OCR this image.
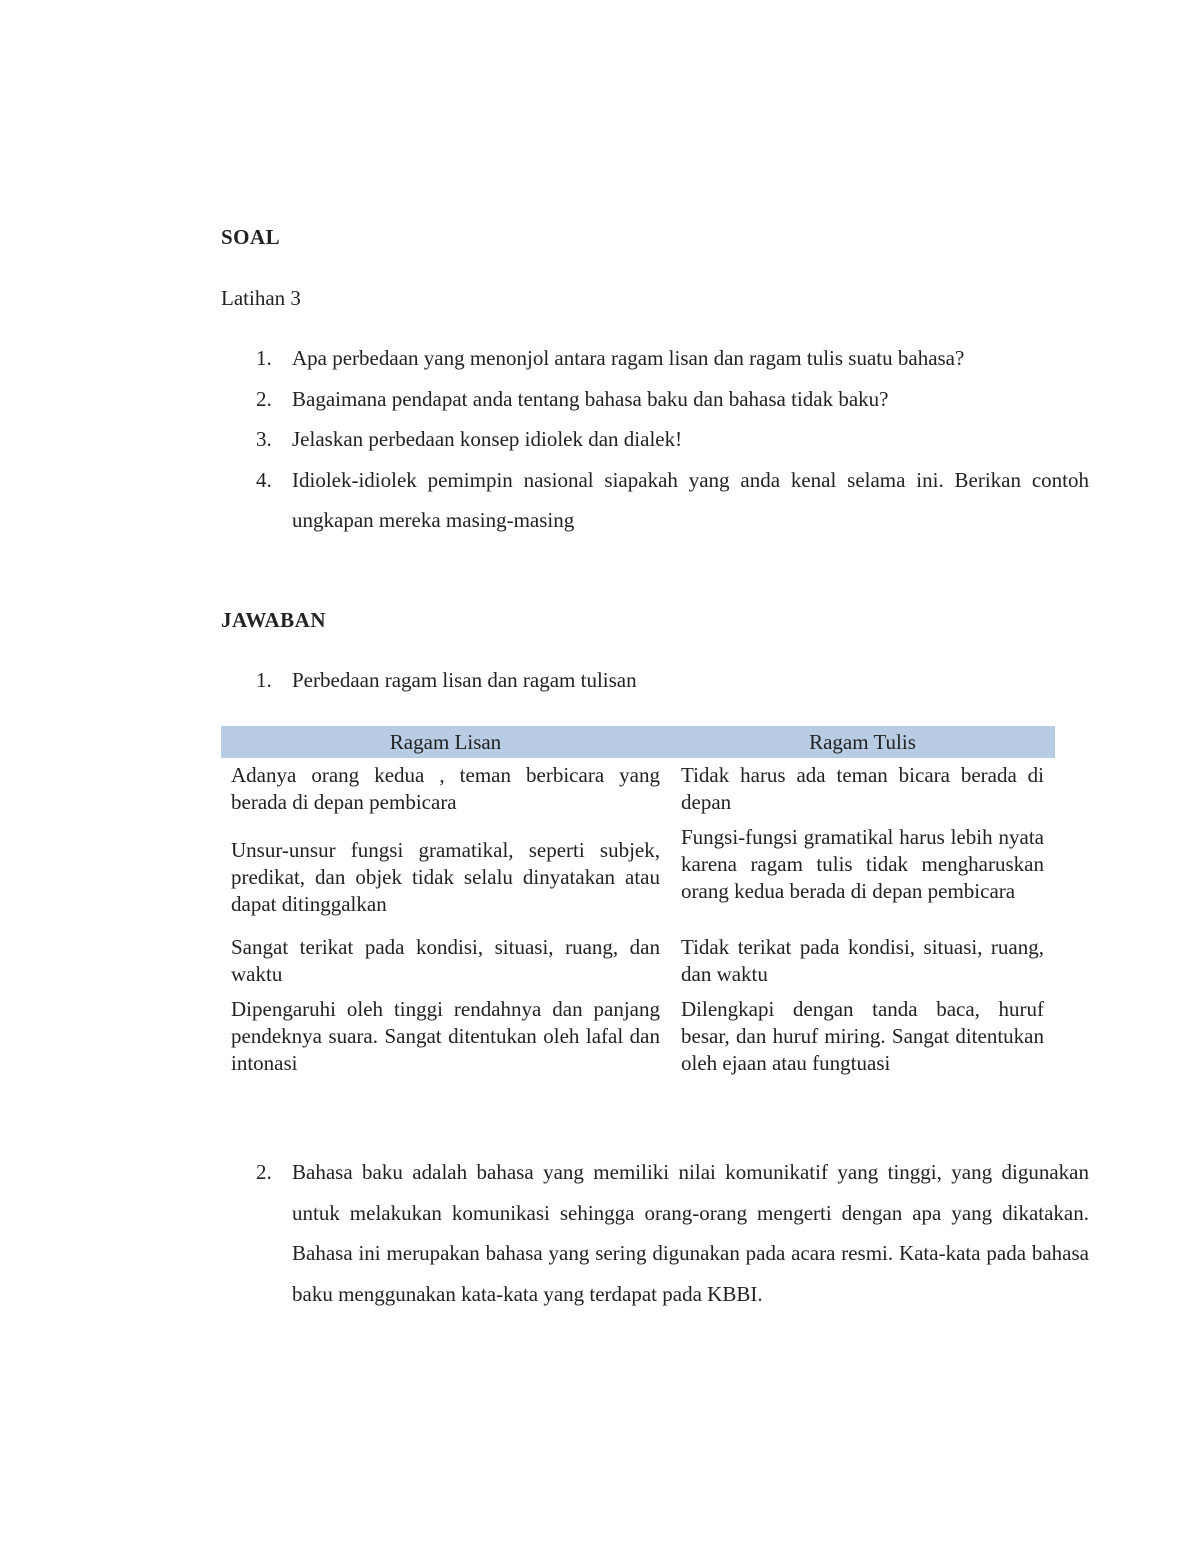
SOAL
Latihan 3
1. Apa perbedaan yang menonjol antara ragam lisan dan ragam tulis suatu bahasa?
2. Bagaimana pendapat anda tentang bahasa baku dan bahasa tidak baku?
3. Jelaskan perbedaan konsep idiolek dan dialek!
4. Idiolek-idiolek pemimpin nasional siapakah yang anda kenal selama ini. Berikan contoh ungkapan mereka masing-masing
JAWABAN
1. Perbedaan ragam lisan dan ragam tulisan
Ragam Lisan	Ragam Tulis
Adanya orang kedua , teman berbicara yang berada di depan pembicara	Tidak harus ada teman bicara berada di depan
Unsur-unsur fungsi gramatikal, seperti subjek, predikat, dan objek tidak selalu dinyatakan atau dapat ditinggalkan	Fungsi-fungsi gramatikal harus lebih nyata karena ragam tulis tidak mengharuskan orang kedua berada di depan pembicara
Sangat terikat pada kondisi, situasi, ruang, dan waktu	Tidak terikat pada kondisi, situasi, ruang, dan waktu
Dipengaruhi oleh tinggi rendahnya dan panjang pendeknya suara. Sangat ditentukan oleh lafal dan intonasi	Dilengkapi dengan tanda baca, huruf besar, dan huruf miring. Sangat ditentukan oleh ejaan atau fungtuasi
2. Bahasa baku adalah bahasa yang memiliki nilai komunikatif yang tinggi, yang digunakan untuk melakukan komunikasi sehingga orang-orang mengerti dengan apa yang dikatakan. Bahasa ini merupakan bahasa yang sering digunakan pada acara resmi. Kata-kata pada bahasa baku menggunakan kata-kata yang terdapat pada KBBI.
